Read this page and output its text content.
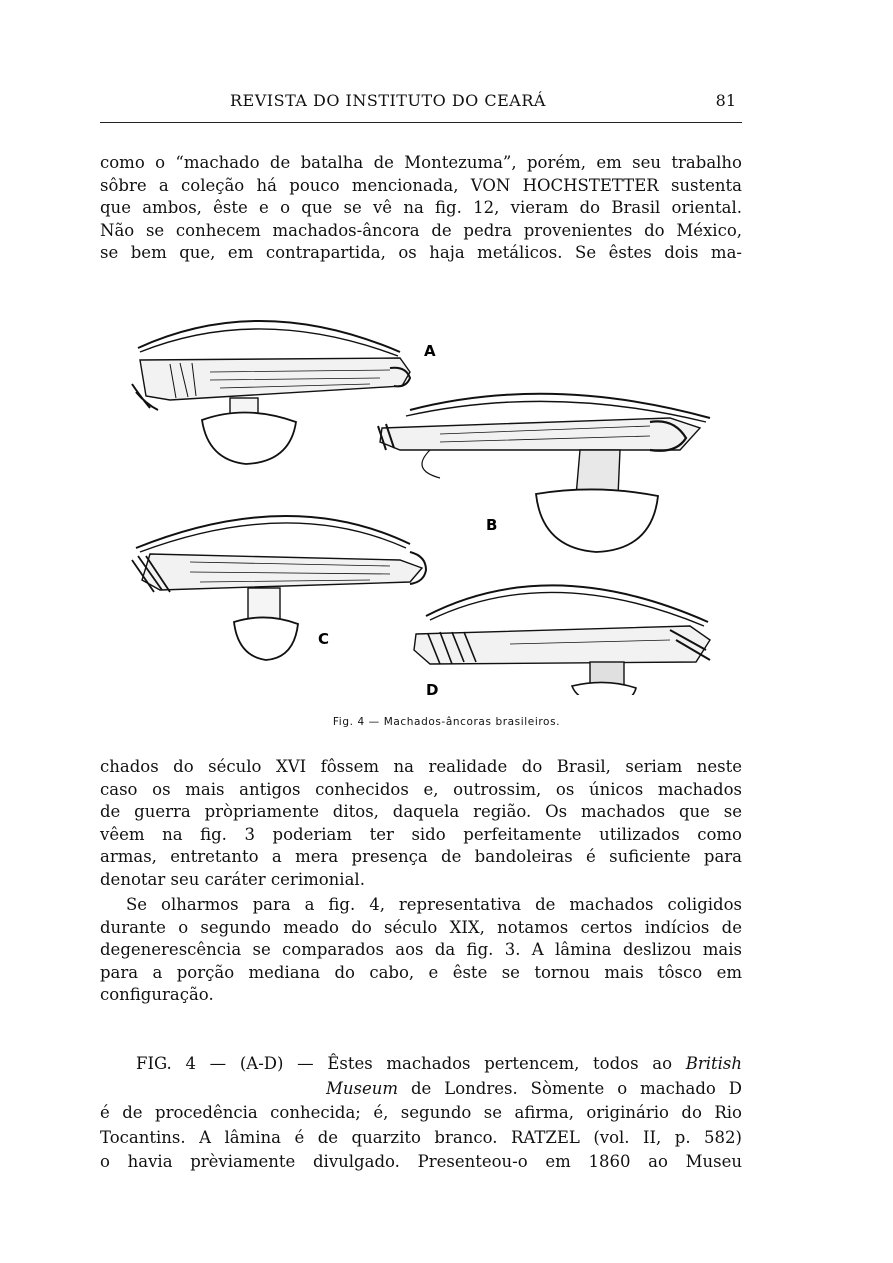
REVISTA DO INSTITUTO DO CEARÁ	81

como o “machado de batalha de Montezuma”, porém, em seu trabalho
sôbre a coleção há pouco mencionada, VON HOCHSTETTER sustenta
que ambos, êste e o que se vê na fig. 12, vieram do Brasil oriental.
Não se conhecem machados-âncora de pedra provenientes do México,
se bem que, em contrapartida, os haja metálicos. Se êstes dois ma-

A
B
C
D
Fig. 4 — Machados-âncoras brasileiros.

chados do século XVI fôssem na realidade do Brasil, seriam neste
caso os mais antigos conhecidos e, outrossim, os únicos machados
de guerra pròpriamente ditos, daquela região. Os machados que se
vêem na fig. 3 poderiam ter sido perfeitamente utilizados como
armas, entretanto a mera presença de bandoleiras é suficiente para
denotar seu caráter cerimonial.

Se olharmos para a fig. 4, representativa de machados coligidos
durante o segundo meado do século XIX, notamos certos indícios de
degenerescência se comparados aos da fig. 3. A lâmina deslizou mais
para a porção mediana do cabo, e êste se tornou mais tôsco em
configuração.

FIG. 4 — (A-D) — Êstes machados pertencem, todos ao British
Museum de Londres. Sòmente o machado D
é de procedência conhecida; é, segundo se afirma, originário do Rio
Tocantins. A lâmina é de quarzito branco. RATZEL (vol. II, p. 582)
o havia prèviamente divulgado. Presenteou-o em 1860 ao Museu
